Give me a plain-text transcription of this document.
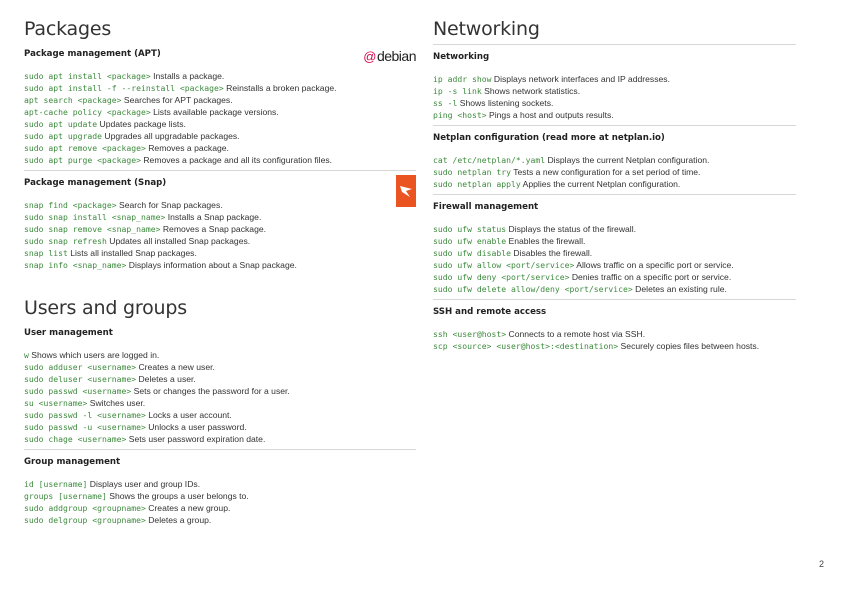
Packages
Package management (APT)	@debian
sudo apt install <package> Installs a package.
sudo apt install -f --reinstall <package> Reinstalls a broken package.
apt search <package> Searches for APT packages.
apt-cache policy <package> Lists available package versions.
sudo apt update Updates package lists.
sudo apt upgrade Upgrades all upgradable packages.
sudo apt remove <package> Removes a package.
sudo apt purge <package> Removes a package and all its configuration files.
Package management (Snap)
snap find <package> Search for Snap packages.
sudo snap install <snap_name> Installs a Snap package.
sudo snap remove <snap_name> Removes a Snap package.
sudo snap refresh Updates all installed Snap packages.
snap list Lists all installed Snap packages.
snap info <snap_name> Displays information about a Snap package.
Users and groups
User management
w Shows which users are logged in.
sudo adduser <username> Creates a new user.
sudo deluser <username> Deletes a user.
sudo passwd <username> Sets or changes the password for a user.
su <username> Switches user.
sudo passwd -l <username> Locks a user account.
sudo passwd -u <username> Unlocks a user password.
sudo chage <username> Sets user password expiration date.
Group management
id [username] Displays user and group IDs.
groups [username] Shows the groups a user belongs to.
sudo addgroup <groupname> Creates a new group.
sudo delgroup <groupname> Deletes a group.
Networking
Networking
ip addr show Displays network interfaces and IP addresses.
ip -s link Shows network statistics.
ss -l Shows listening sockets.
ping <host> Pings a host and outputs results.
Netplan configuration (read more at netplan.io)
cat /etc/netplan/*.yaml Displays the current Netplan configuration.
sudo netplan try Tests a new configuration for a set period of time.
sudo netplan apply Applies the current Netplan configuration.
Firewall management
sudo ufw status Displays the status of the firewall.
sudo ufw enable Enables the firewall.
sudo ufw disable Disables the firewall.
sudo ufw allow <port/service> Allows traffic on a specific port or service.
sudo ufw deny <port/service> Denies traffic on a specific port or service.
sudo ufw delete allow/deny <port/service> Deletes an existing rule.
SSH and remote access
ssh <user@host> Connects to a remote host via SSH.
scp <source> <user@host>:<destination> Securely copies files between hosts.
2
